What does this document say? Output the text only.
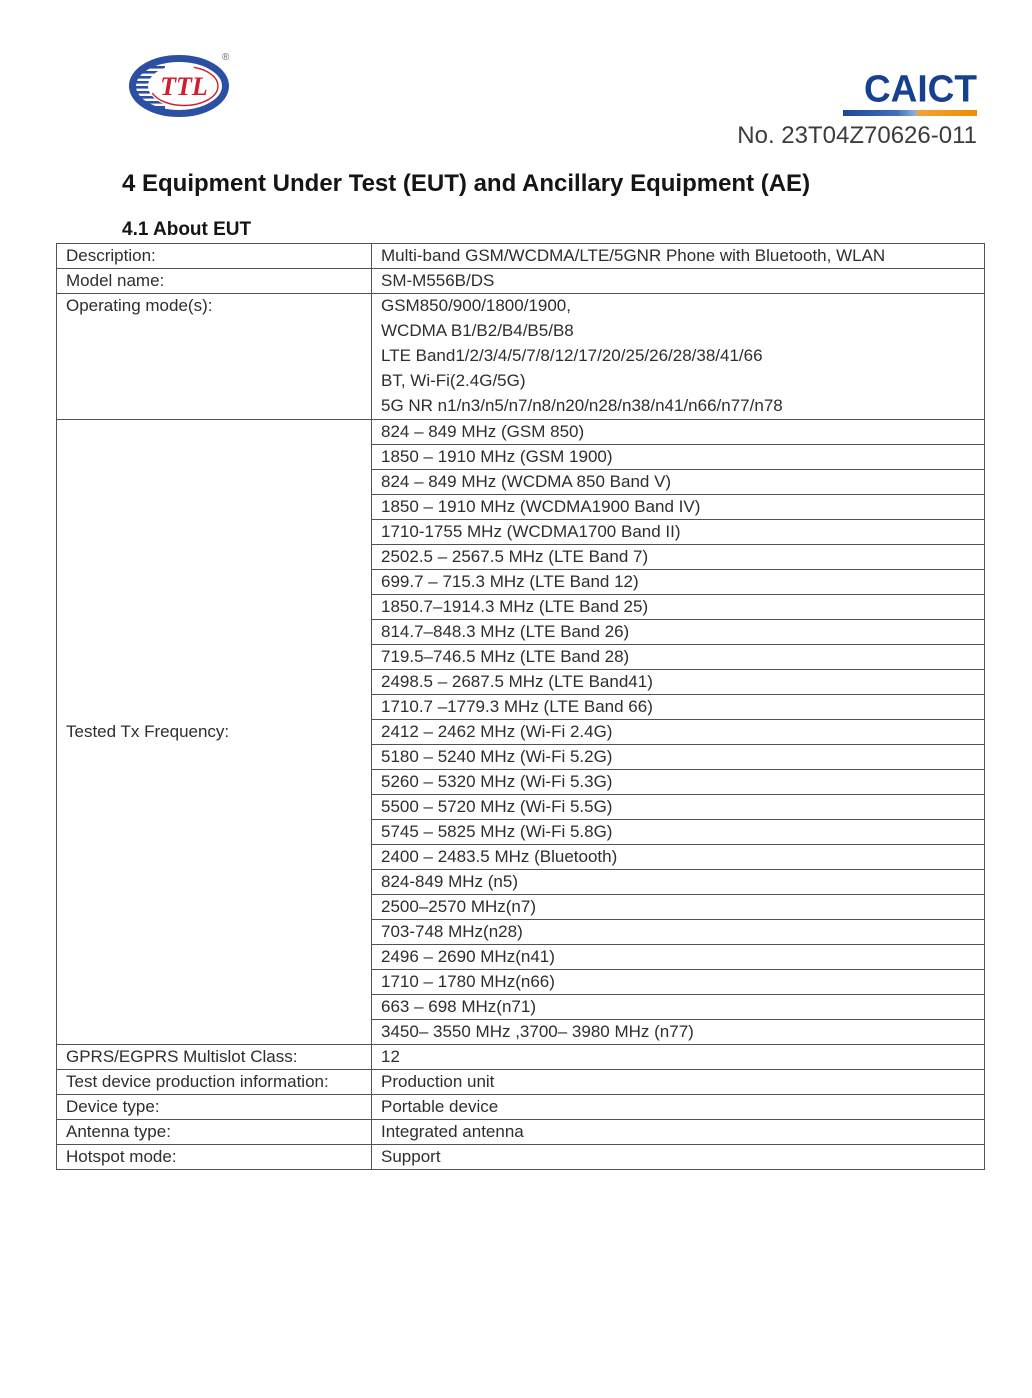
TTL
®
CAICT
No. 23T04Z70626-011
4 Equipment Under Test (EUT) and Ancillary Equipment (AE)
4.1 About EUT
Description:	Multi-band GSM/WCDMA/LTE/5GNR Phone with Bluetooth, WLAN
Model name:	SM-M556B/DS
Operating mode(s):	GSM850/900/1800/1900,
WCDMA B1/B2/B4/B5/B8
LTE Band1/2/3/4/5/7/8/12/17/20/25/26/28/38/41/66
BT, Wi-Fi(2.4G/5G)
5G NR n1/n3/n5/n7/n8/n20/n28/n38/n41/n66/n77/n78

Tested Tx Frequency:	824 – 849 MHz (GSM 850)
	1850 – 1910 MHz (GSM 1900)
	824 – 849 MHz (WCDMA 850 Band V)
	1850 – 1910 MHz (WCDMA1900 Band IV)
	1710-1755 MHz (WCDMA1700 Band II)
	2502.5 – 2567.5 MHz (LTE Band 7)
	699.7 – 715.3 MHz (LTE Band 12)
	1850.7–1914.3 MHz (LTE Band 25)
	814.7–848.3 MHz (LTE Band 26)
	719.5–746.5 MHz (LTE Band 28)
	2498.5 – 2687.5 MHz (LTE Band41)
	1710.7 –1779.3 MHz (LTE Band 66)
	2412 – 2462 MHz (Wi-Fi 2.4G)
	5180 – 5240 MHz (Wi-Fi 5.2G)
	5260 – 5320 MHz (Wi-Fi 5.3G)
	5500 – 5720 MHz (Wi-Fi 5.5G)
	5745 – 5825 MHz (Wi-Fi 5.8G)
	2400 – 2483.5 MHz (Bluetooth)
	824-849 MHz (n5)
	2500–2570 MHz(n7)
	703-748 MHz(n28)
	2496 – 2690 MHz(n41)
	1710 – 1780 MHz(n66)
	663 – 698 MHz(n71)
	3450– 3550 MHz ,3700– 3980 MHz (n77)
GPRS/EGPRS Multislot Class:	12
Test device production information:	Production unit
Device type:	Portable device
Antenna type:	Integrated antenna
Hotspot mode:	Support
